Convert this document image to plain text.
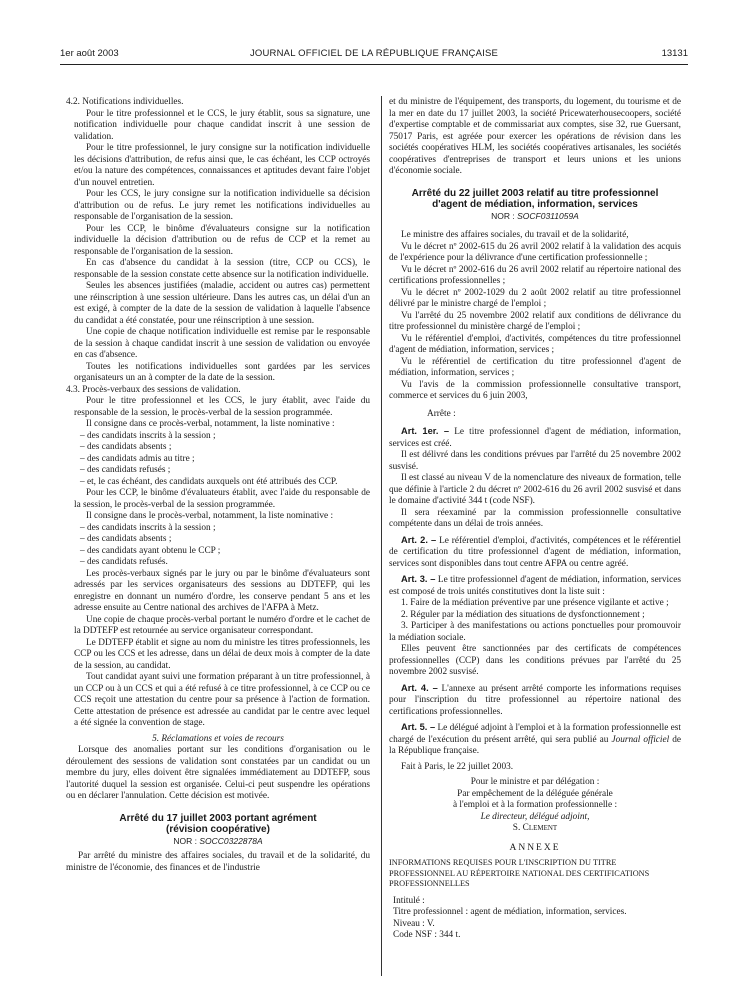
1er août 2003	JOURNAL OFFICIEL DE LA RÉPUBLIQUE FRANÇAISE	13131

4.2. Notifications individuelles.

Pour le titre professionnel et le CCS, le jury établit, sous sa signature, une notification individuelle pour chaque candidat inscrit à une session de validation.

Pour le titre professionnel, le jury consigne sur la notification individuelle les décisions d'attribution, de refus ainsi que, le cas échéant, les CCP octroyés et/ou la nature des compétences, connaissances et aptitudes devant faire l'objet d'un nouvel entretien.

Pour les CCS, le jury consigne sur la notification individuelle sa décision d'attribution ou de refus. Le jury remet les notifications individuelles au responsable de l'organisation de la session.

Pour les CCP, le binôme d'évaluateurs consigne sur la notification individuelle la décision d'attribution ou de refus de CCP et la remet au responsable de l'organisation de la session.

En cas d'absence du candidat à la session (titre, CCP ou CCS), le responsable de la session constate cette absence sur la notification individuelle.

Seules les absences justifiées (maladie, accident ou autres cas) permettent une réinscription à une session ultérieure. Dans les autres cas, un délai d'un an est exigé, à compter de la date de la session de validation à laquelle l'absence du candidat a été constatée, pour une réinscription à une session.

Une copie de chaque notification individuelle est remise par le responsable de la session à chaque candidat inscrit à une session de validation ou envoyée en cas d'absence.

Toutes les notifications individuelles sont gardées par les services organisateurs un an à compter de la date de la session.

4.3. Procès-verbaux des sessions de validation.

Pour le titre professionnel et les CCS, le jury établit, avec l'aide du responsable de la session, le procès-verbal de la session programmée.

Il consigne dans ce procès-verbal, notamment, la liste nominative :

– des candidats inscrits à la session ;

– des candidats absents ;

– des candidats admis au titre ;

– des candidats refusés ;

– et, le cas échéant, des candidats auxquels ont été attribués des CCP.

Pour les CCP, le binôme d'évaluateurs établit, avec l'aide du responsable de la session, le procès-verbal de la session programmée.

Il consigne dans le procès-verbal, notamment, la liste nominative :

– des candidats inscrits à la session ;

– des candidats absents ;

– des candidats ayant obtenu le CCP ;

– des candidats refusés.

Les procès-verbaux signés par le jury ou par le binôme d'évaluateurs sont adressés par les services organisateurs des sessions au DDTEFP, qui les enregistre en donnant un numéro d'ordre, les conserve pendant 5 ans et les adresse ensuite au Centre national des archives de l'AFPA à Metz.

Une copie de chaque procès-verbal portant le numéro d'ordre et le cachet de la DDTEFP est retournée au service organisateur correspondant.

Le DDTEFP établit et signe au nom du ministre les titres professionnels, les CCP ou les CCS et les adresse, dans un délai de deux mois à compter de la date de la session, au candidat.

Tout candidat ayant suivi une formation préparant à un titre professionnel, à un CCP ou à un CCS et qui a été refusé à ce titre professionnel, à ce CCP ou ce CCS reçoit une attestation du centre pour sa présence à l'action de formation. Cette attestation de présence est adressée au candidat par le centre avec lequel a été signée la convention de stage.

5. Réclamations et voies de recours

Lorsque des anomalies portant sur les conditions d'organisation ou le déroulement des sessions de validation sont constatées par un candidat ou un membre du jury, elles doivent être signalées immédiatement au DDTEFP, sous l'autorité duquel la session est organisée. Celui-ci peut suspendre les opérations ou en déclarer l'annulation. Cette décision est motivée.

Arrêté du 17 juillet 2003 portant agrément

(révision coopérative)

NOR : SOCC0322878A

Par arrêté du ministre des affaires sociales, du travail et de la solidarité, du ministre de l'économie, des finances et de l'industrie

et du ministre de l'équipement, des transports, du logement, du tourisme et de la mer en date du 17 juillet 2003, la société Pricewaterhousecoopers, société d'expertise comptable et de commissariat aux comptes, sise 32, rue Guersant, 75017 Paris, est agréée pour exercer les opérations de révision dans les sociétés coopératives HLM, les sociétés coopératives artisanales, les sociétés coopératives d'entreprises de transport et leurs unions et les unions d'économie sociale.

Arrêté du 22 juillet 2003 relatif au titre professionnel

d'agent de médiation, information, services

NOR : SOCF0311059A

Le ministre des affaires sociales, du travail et de la solidarité,

Vu le décret nº 2002-615 du 26 avril 2002 relatif à la validation des acquis de l'expérience pour la délivrance d'une certification professionnelle ;

Vu le décret nº 2002-616 du 26 avril 2002 relatif au répertoire national des certifications professionnelles ;

Vu le décret nº 2002-1029 du 2 août 2002 relatif au titre professionnel délivré par le ministre chargé de l'emploi ;

Vu l'arrêté du 25 novembre 2002 relatif aux conditions de délivrance du titre professionnel du ministère chargé de l'emploi ;

Vu le référentiel d'emploi, d'activités, compétences du titre professionnel d'agent de médiation, information, services ;

Vu le référentiel de certification du titre professionnel d'agent de médiation, information, services ;

Vu l'avis de la commission professionnelle consultative transport, commerce et services du 6 juin 2003,

Arrête :

Art. 1er. – Le titre professionnel d'agent de médiation, information, services est créé.

Il est délivré dans les conditions prévues par l'arrêté du 25 novembre 2002 susvisé.

Il est classé au niveau V de la nomenclature des niveaux de formation, telle que définie à l'article 2 du décret nº 2002-616 du 26 avril 2002 susvisé et dans le domaine d'activité 344 t (code NSF).

Il sera réexaminé par la commission professionnelle consultative compétente dans un délai de trois années.

Art. 2. – Le référentiel d'emploi, d'activités, compétences et le référentiel de certification du titre professionnel d'agent de médiation, information, services sont disponibles dans tout centre AFPA ou centre agréé.

Art. 3. – Le titre professionnel d'agent de médiation, information, services est composé de trois unités constitutives dont la liste suit :

1. Faire de la médiation préventive par une présence vigilante et active ;

2. Réguler par la médiation des situations de dysfonctionnement ;

3. Participer à des manifestations ou actions ponctuelles pour promouvoir la médiation sociale.

Elles peuvent être sanctionnées par des certificats de compétences professionnelles (CCP) dans les conditions prévues par l'arrêté du 25 novembre 2002 susvisé.

Art. 4. – L'annexe au présent arrêté comporte les informations requises pour l'inscription du titre professionnel au répertoire national des certifications professionnelles.

Art. 5. – Le délégué adjoint à l'emploi et à la formation professionnelle est chargé de l'exécution du présent arrêté, qui sera publié au Journal officiel de la République française.

Fait à Paris, le 22 juillet 2003.

Pour le ministre et par délégation :

Par empêchement de la déléguée générale

à l'emploi et à la formation professionnelle :

Le directeur, délégué adjoint,

S. Clement

ANNEXE

INFORMATIONS REQUISES POUR L'INSCRIPTION DU TITRE PROFESSIONNEL AU RÉPERTOIRE NATIONAL DES CERTIFICATIONS PROFESSIONNELLES

Intitulé :

Titre professionnel : agent de médiation, information, services.

Niveau : V.

Code NSF : 344 t.
